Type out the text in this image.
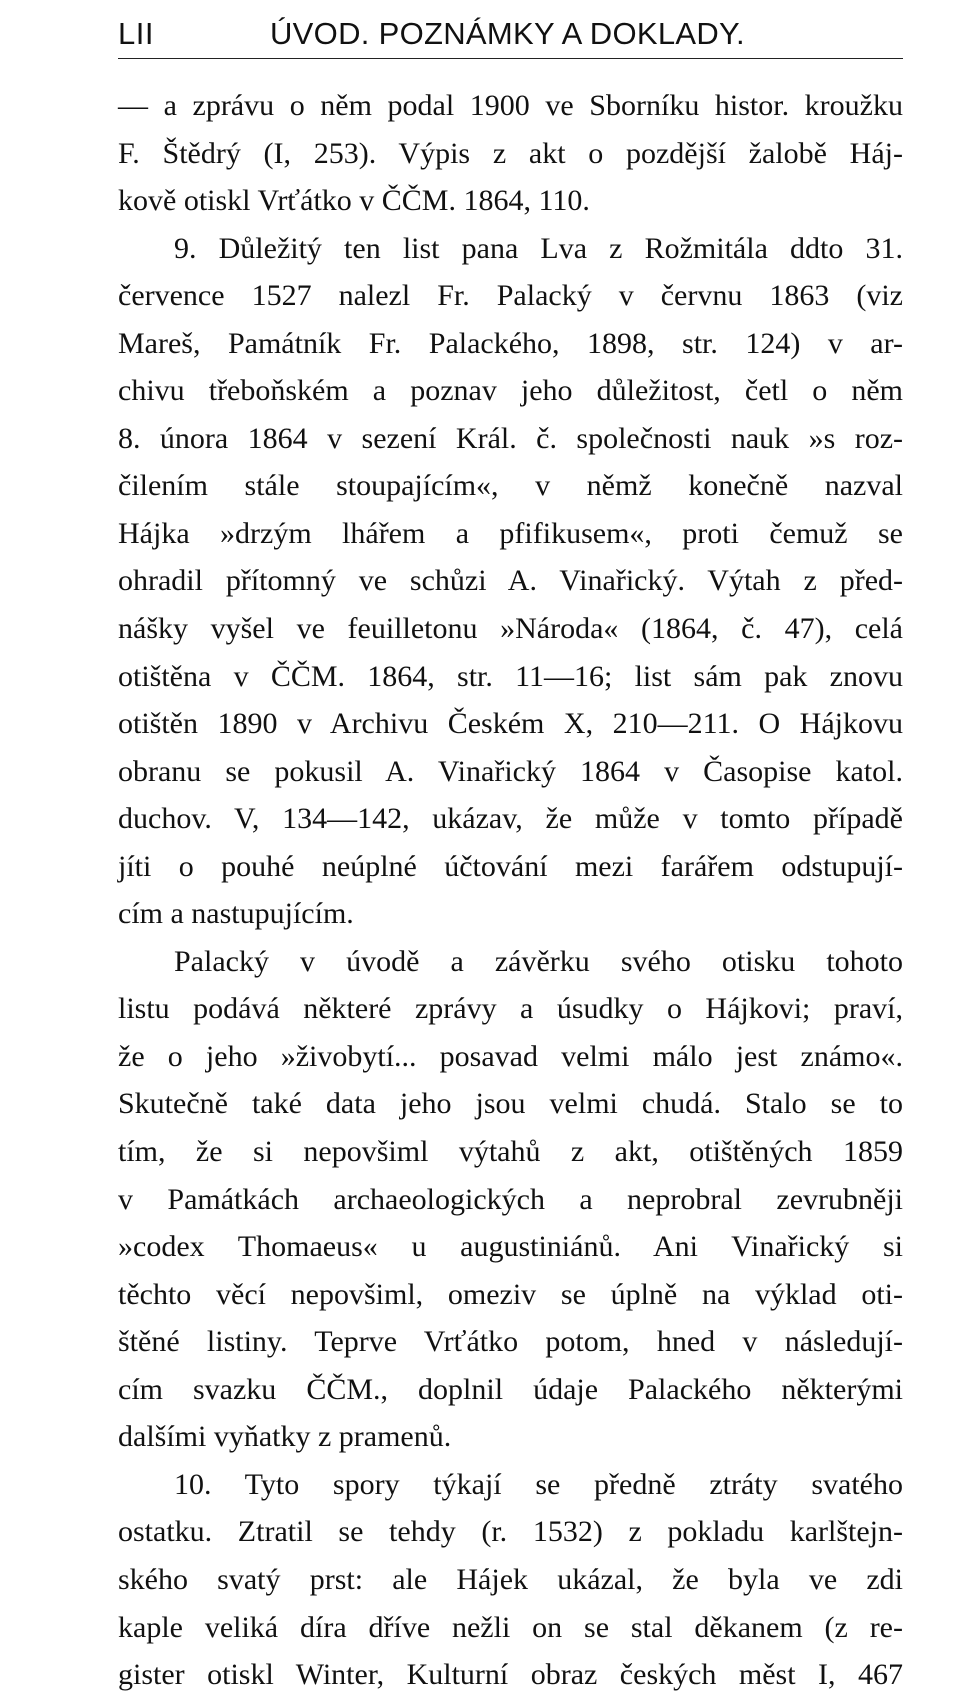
LII	ÚVOD. POZNÁMKY A DOKLADY.
— a zprávu o něm podal 1900 ve Sborníku histor. kroužku
F. Štědrý (I, 253). Výpis z akt o pozdější žalobě Háj-
kově otiskl Vrťátko v ČČM. 1864, 110.
9. Důležitý ten list pana Lva z Rožmitála ddto 31.
července 1527 nalezl Fr. Palacký v červnu 1863 (viz
Mareš, Památník Fr. Palackého, 1898, str. 124) v ar-
chivu třeboňském a poznav jeho důležitost, četl o něm
8. února 1864 v sezení Král. č. společnosti nauk »s roz-
čilením stále stoupajícím«, v němž konečně nazval
Hájka »drzým lhářem a pfifikusem«, proti čemuž se
ohradil přítomný ve schůzi A. Vinařický. Výtah z před-
nášky vyšel ve feuilletonu »Národa« (1864, č. 47), celá
otištěna v ČČM. 1864, str. 11—16; list sám pak znovu
otištěn 1890 v Archivu Českém X, 210—211. O Hájkovu
obranu se pokusil A. Vinařický 1864 v Časopise katol.
duchov. V, 134—142, ukázav, že může v tomto případě
jíti o pouhé neúplné účtování mezi farářem odstupují-
cím a nastupujícím.
Palacký v úvodě a závěrku svého otisku tohoto
listu podává některé zprávy a úsudky o Hájkovi; praví,
že o jeho »živobytí... posavad velmi málo jest známo«.
Skutečně také data jeho jsou velmi chudá. Stalo se to
tím, že si nepovšiml výtahů z akt, otištěných 1859
v Památkách archaeologických a neprobral zevrubněji
»codex Thomaeus« u augustiniánů. Ani Vinařický si
těchto věcí nepovšiml, omeziv se úplně na výklad oti-
štěné listiny. Teprve Vrťátko potom, hned v následují-
cím svazku ČČM., doplnil údaje Palackého některými
dalšími vyňatky z pramenů.
10. Tyto spory týkají se předně ztráty svatého
ostatku. Ztratil se tehdy (r. 1532) z pokladu karlštejn-
ského svatý prst: ale Hájek ukázal, že byla ve zdi
kaple veliká díra dříve nežli on se stal děkanem (z re-
gister otiskl Winter, Kulturní obraz českých měst I, 467
